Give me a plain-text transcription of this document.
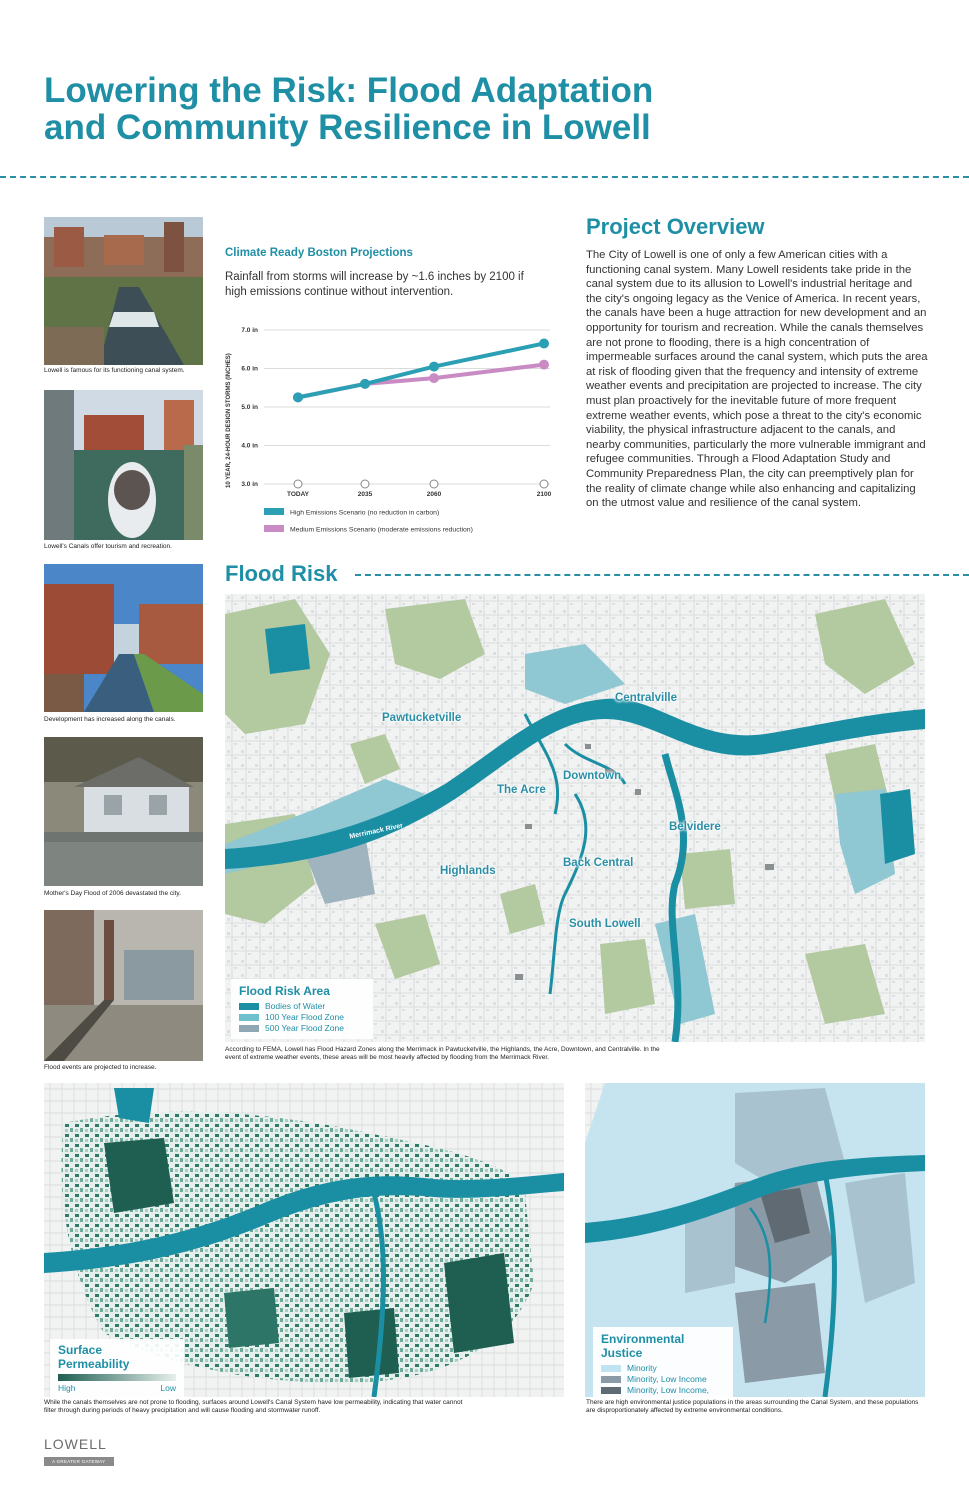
Lowering the Risk: Flood Adaptation
and Community Resilience in Lowell
Lowell is famous for its functioning canal system.
Lowell's Canals offer tourism and recreation.
Development has increased along the canals.
Mother's Day Flood of 2006 devastated the city.
Flood events are projected to increase.
Climate Ready Boston Projections
Rainfall from storms will increase by ~1.6 inches by 2100 if high emissions continue without intervention.
10 YEAR, 24-HOUR DESIGN STORMS (INCHES) 3.0 in
4.0 in
5.0 in
6.0 in
7.0 in
TODAY	2035	2060	2100
High Emissions Scenario (no reduction in carbon)
Medium Emissions Scenario (moderate emissions reduction)
Project Overview
The City of Lowell is one of only a few American cities with a functioning canal system. Many Lowell residents take pride in the canal system due to its allusion to Lowell's industrial heritage and the city's ongoing legacy as the Venice of America. In recent years, the canals have been a huge attraction for new development and an opportunity for tourism and recreation. While the canals themselves are not prone to flooding, there is a high concentration of impermeable surfaces around the canal system, which puts the area at risk of flooding given that the frequency and intensity of extreme weather events and precipitation are projected to increase. The city must plan proactively for the inevitable future of more frequent extreme weather events, which pose a threat to the city's economic viability, the physical infrastructure adjacent to the canals, and nearby communities, particularly the more vulnerable immigrant and refugee communities. Through a Flood Adaptation Study and Community Preparedness Plan, the city can preemptively plan for the reality of climate change while also enhancing and capitalizing on the utmost value and resilience of the canal system.
Flood Risk
Pawtucketville
Centralville
The Acre
Downtown
Merrimack River	Belvidere
Back Central
Highlands
South Lowell
Flood Risk Area
Bodies of Water
100 Year Flood Zone
500 Year Flood Zone
According to FEMA, Lowell has Flood Hazard Zones along the Merrimack in Pawtucketville, the Highlands, the Acre, Downtown, and Centralville. In the event of extreme weather events, these areas will be most heavily affected by flooding from the Merrimack River.
Surface Permeability
High	Low
While the canals themselves are not prone to flooding, surfaces around Lowell's Canal System have low permeability, indicating that water cannot filter through during periods of heavy precipitation and will cause flooding and stormwater runoff.
Environmental Justice
Minority
Minority, Low Income
Minority, Low Income,
There are high environmental justice populations in the areas surrounding the Canal System, and these populations are disproportionately affected by extreme environmental conditions.
LOWELL
A GREATER GATEWAY
